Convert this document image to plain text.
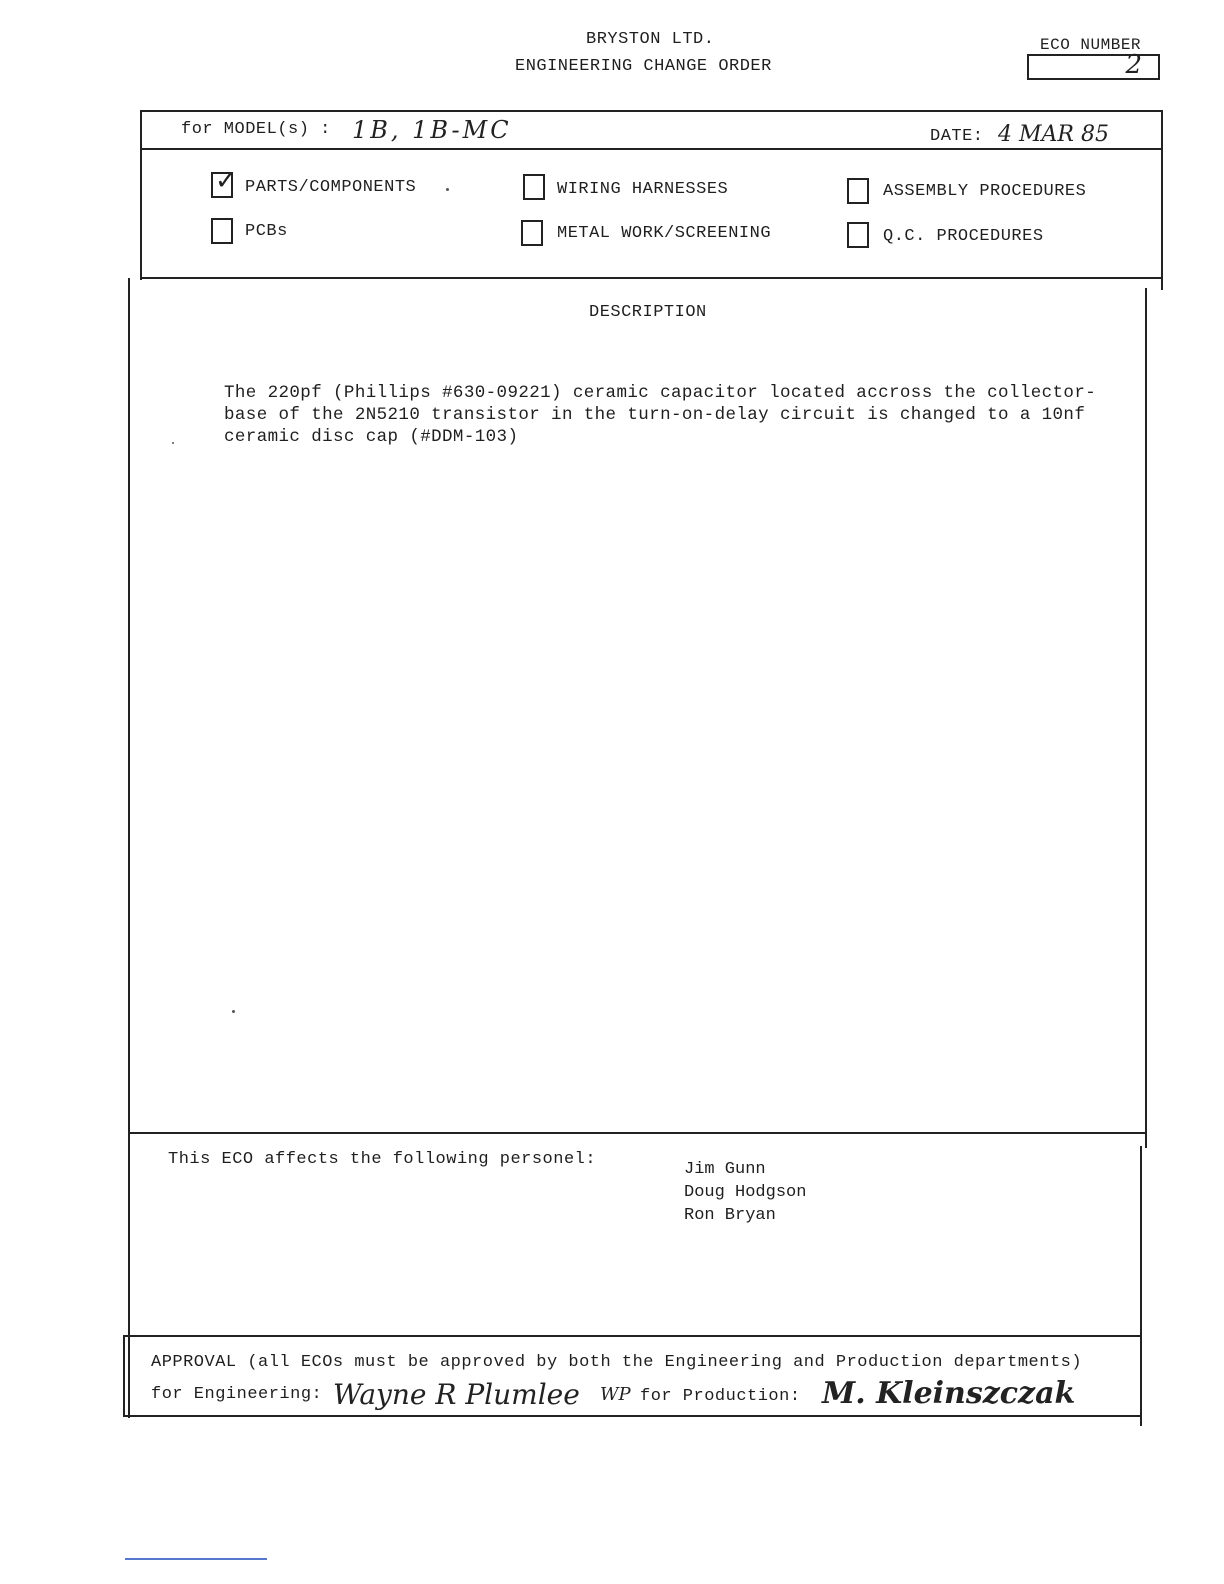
BRYSTON LTD.
ENGINEERING CHANGE ORDER
ECO NUMBER
2
for MODEL(s) : 1B, 1B-MC	DATE: 4 MAR 85
✓
PARTS/COMPONENTS	WIRING HARNESSES	ASSEMBLY PROCEDURES
PCBs	METAL WORK/SCREENING	Q.C. PROCEDURES
DESCRIPTION

The 220pf (Phillips #630-09221) ceramic capacitor located accross the collector-

base of the 2N5210 transistor in the turn-on-delay circuit is changed to a 10nf

ceramic disc cap (#DDM-103)

This ECO affects the following personel:
Jim Gunn
Doug Hodgson
Ron Bryan
APPROVAL (all ECOs must be approved by both the Engineering and Production departments)
for Engineering: Wayne R Plumlee WP for Production: M. Kleinszczak
